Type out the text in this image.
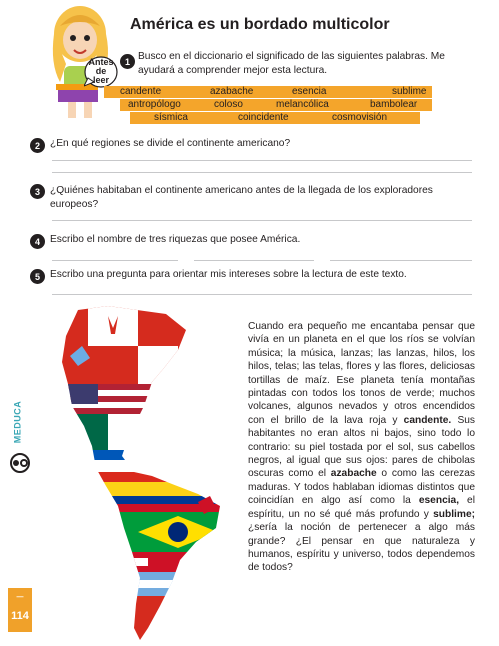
MEDUCA
—
114
Antes
de
leer
América es un bordado multicolor
1 Busco en el diccionario el significado de las siguientes palabras. Me ayudará a comprender mejor esta lectura.
candente	azabache	esencia	sublime
antropólogo	coloso	melancólica	bambolear
sísmica	coincidente	cosmovisión
2 ¿En qué regiones se divide el continente americano?
3 ¿Quiénes habitaban el continente americano antes de la llegada de los exploradores europeos?
4 Escribo el nombre de tres riquezas que posee América.
5 Escribo una pregunta para orientar mis intereses sobre la lectura de este texto.
Cuando era pequeño me encantaba pensar que vivía en un planeta en el que los ríos se volvían música; la música, lanzas; las lanzas, hilos, los hilos, telas; las telas, flores y las flores, deliciosas tortillas de maíz. Ese planeta tenía montañas pintadas con todos los tonos de verde; muchos volcanes, algunos nevados y otros encendidos con el brillo de la lava roja y candente. Sus habitantes no eran altos ni bajos, sino todo lo contrario: su piel tostada por el sol, sus cabellos negros, al igual que sus ojos: pares de chibolas oscuras como el azabache o como las cerezas maduras. Y todos hablaban idiomas distintos que coincidían en algo así como la esencia, el espíritu, un no sé qué más profundo y sublime; ¿sería la noción de pertenecer a algo más grande? ¿El pensar en que naturaleza y humanos, espíritu y universo, todos dependemos de todos?
